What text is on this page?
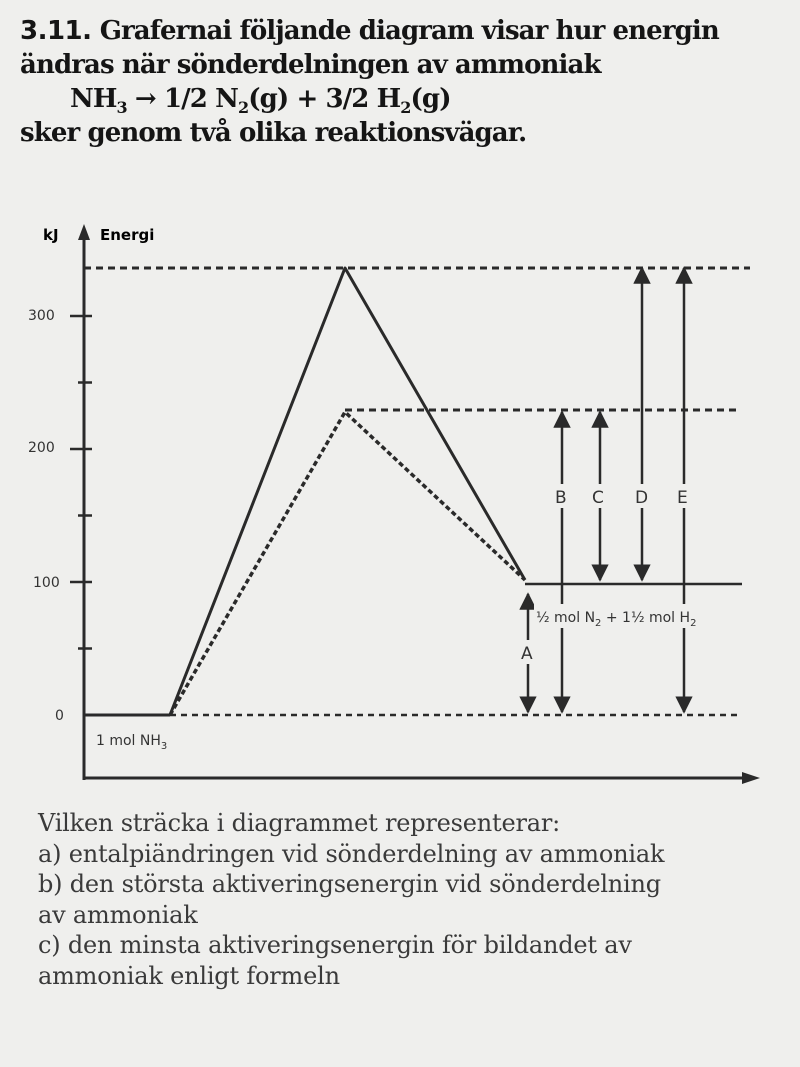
3.11. Grafernai följande diagram visar hur energin
ändras när sönderdelningen av ammoniak
$NH_3 \to 1/2$ $N_2(g) + 3/2$ $H_2(g)$
sker genom två olika reaktionsvägar.
kJ	Energi
0
100
200
300
A
B C D E
½ mol $N_2$ + 1½ mol $H_2$
1 mol $NH_3$
Vilken sträcka i diagrammet representerar:
a) entalpiändringen vid sönderdelning av ammoniak
b) den största aktiveringsenergin vid sönderdelning
av ammoniak
c) den minsta aktiveringsenergin för bildandet av
ammoniak enligt formeln
